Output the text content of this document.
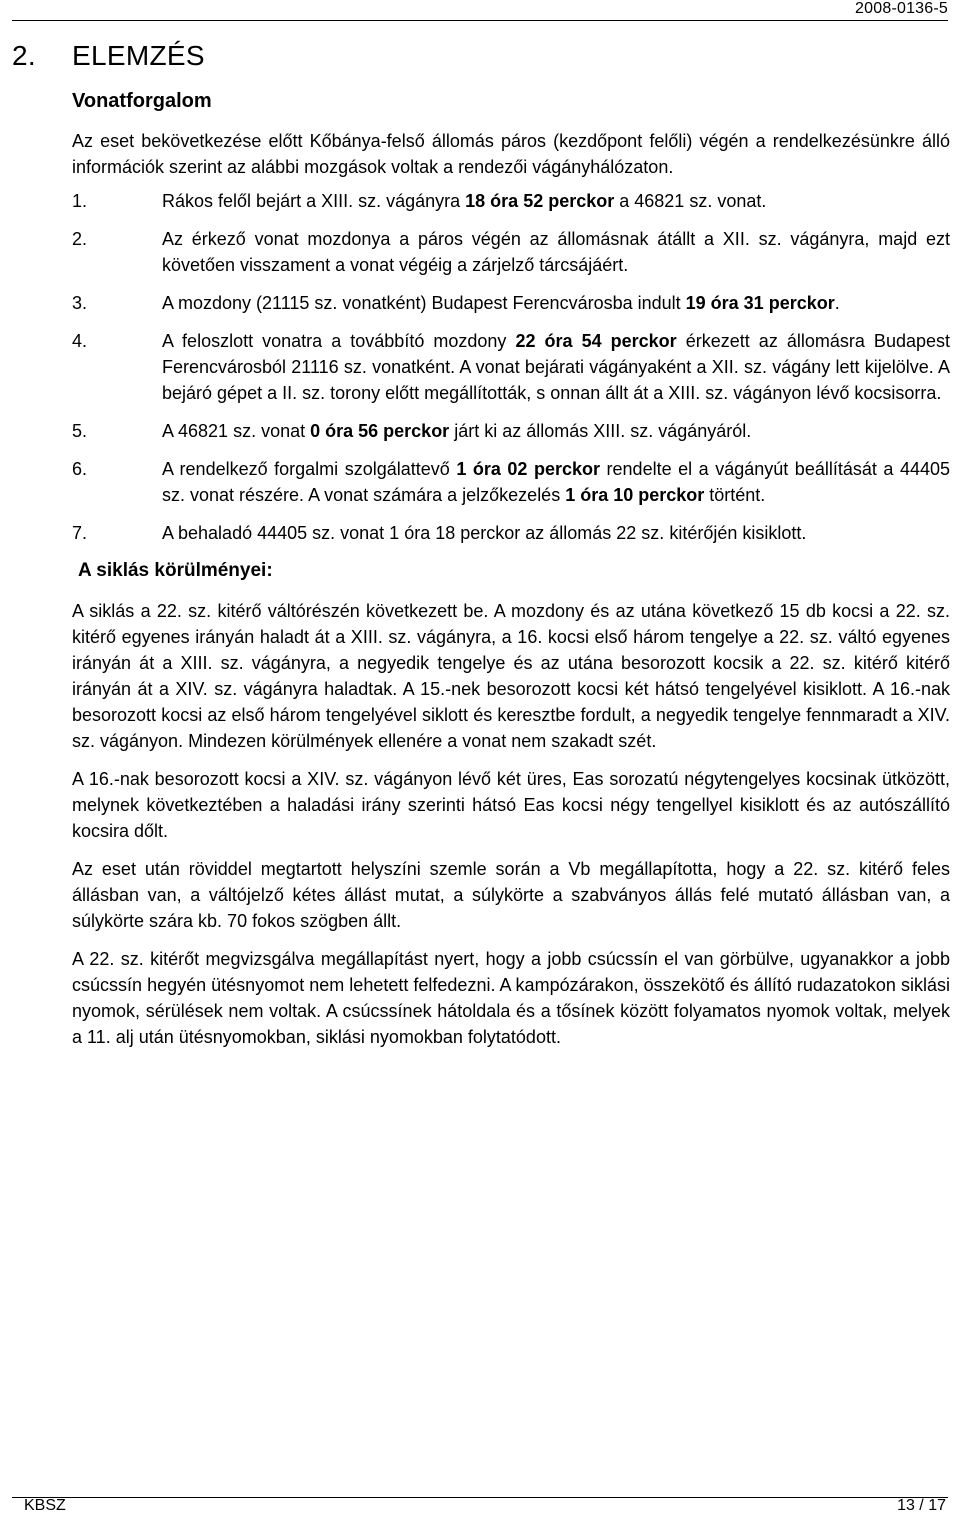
2008-0136-5
2. ELEMZÉS
Vonatforgalom

Az eset bekövetkezése előtt Kőbánya-felső állomás páros (kezdőpont felőli) végén a rendelkezésünkre álló információk szerint az alábbi mozgások voltak a rendezői vágányhálózaton.

1.	Rákos felől bejárt a XIII. sz. vágányra 18 óra 52 perckor a 46821 sz. vonat.
2.	Az érkező vonat mozdonya a páros végén az állomásnak átállt a XII. sz. vágányra, majd ezt követően visszament a vonat végéig a zárjelző tárcsájáért.
3.	A mozdony (21115 sz. vonatként) Budapest Ferencvárosba indult 19 óra 31 perckor.
4.	A feloszlott vonatra a továbbító mozdony 22 óra 54 perckor érkezett az állomásra Budapest Ferencvárosból 21116 sz. vonatként. A vonat bejárati vágányaként a XII. sz. vágány lett kijelölve. A bejáró gépet a II. sz. torony előtt megállították, s onnan állt át a XIII. sz. vágányon lévő kocsisorra.
5.	A 46821 sz. vonat 0 óra 56 perckor járt ki az állomás XIII. sz. vágányáról.
6.	A rendelkező forgalmi szolgálattevő 1 óra 02 perckor rendelte el a vágányút beállítását a 44405 sz. vonat részére. A vonat számára a jelzőkezelés 1 óra 10 perckor történt.
7.	A behaladó 44405 sz. vonat 1 óra 18 perckor az állomás 22 sz. kitérőjén kisiklott.

A siklás körülményei:

A siklás a 22. sz. kitérő váltórészén következett be. A mozdony és az utána következő 15 db kocsi a 22. sz. kitérő egyenes irányán haladt át a XIII. sz. vágányra, a 16. kocsi első három tengelye a 22. sz. váltó egyenes irányán át a XIII. sz. vágányra, a negyedik tengelye és az utána besorozott kocsik a 22. sz. kitérő kitérő irányán át a XIV. sz. vágányra haladtak. A 15.-nek besorozott kocsi két hátsó tengelyével kisiklott. A 16.-nak besorozott kocsi az első három tengelyével siklott és keresztbe fordult, a negyedik tengelye fennmaradt a XIV. sz. vágányon. Mindezen körülmények ellenére a vonat nem szakadt szét.

A 16.-nak besorozott kocsi a XIV. sz. vágányon lévő két üres, Eas sorozatú négytengelyes kocsinak ütközött, melynek következtében a haladási irány szerinti hátsó Eas kocsi négy tengellyel kisiklott és az autószállító kocsira dőlt.

Az eset után röviddel megtartott helyszíni szemle során a Vb megállapította, hogy a 22. sz. kitérő feles állásban van, a váltójelző kétes állást mutat, a súlykörte a szabványos állás felé mutató állásban van, a súlykörte szára kb. 70 fokos szögben állt.

A 22. sz. kitérőt megvizsgálva megállapítást nyert, hogy a jobb csúcssín el van görbülve, ugyanakkor a jobb csúcssín hegyén ütésnyomot nem lehetett felfedezni. A kampózárakon, összekötő és állító rudazatokon siklási nyomok, sérülések nem voltak. A csúcssínek hátoldala és a tősínek között folyamatos nyomok voltak, melyek a 11. alj után ütésnyomokban, siklási nyomokban folytatódott.

KBSZ	13 / 17
